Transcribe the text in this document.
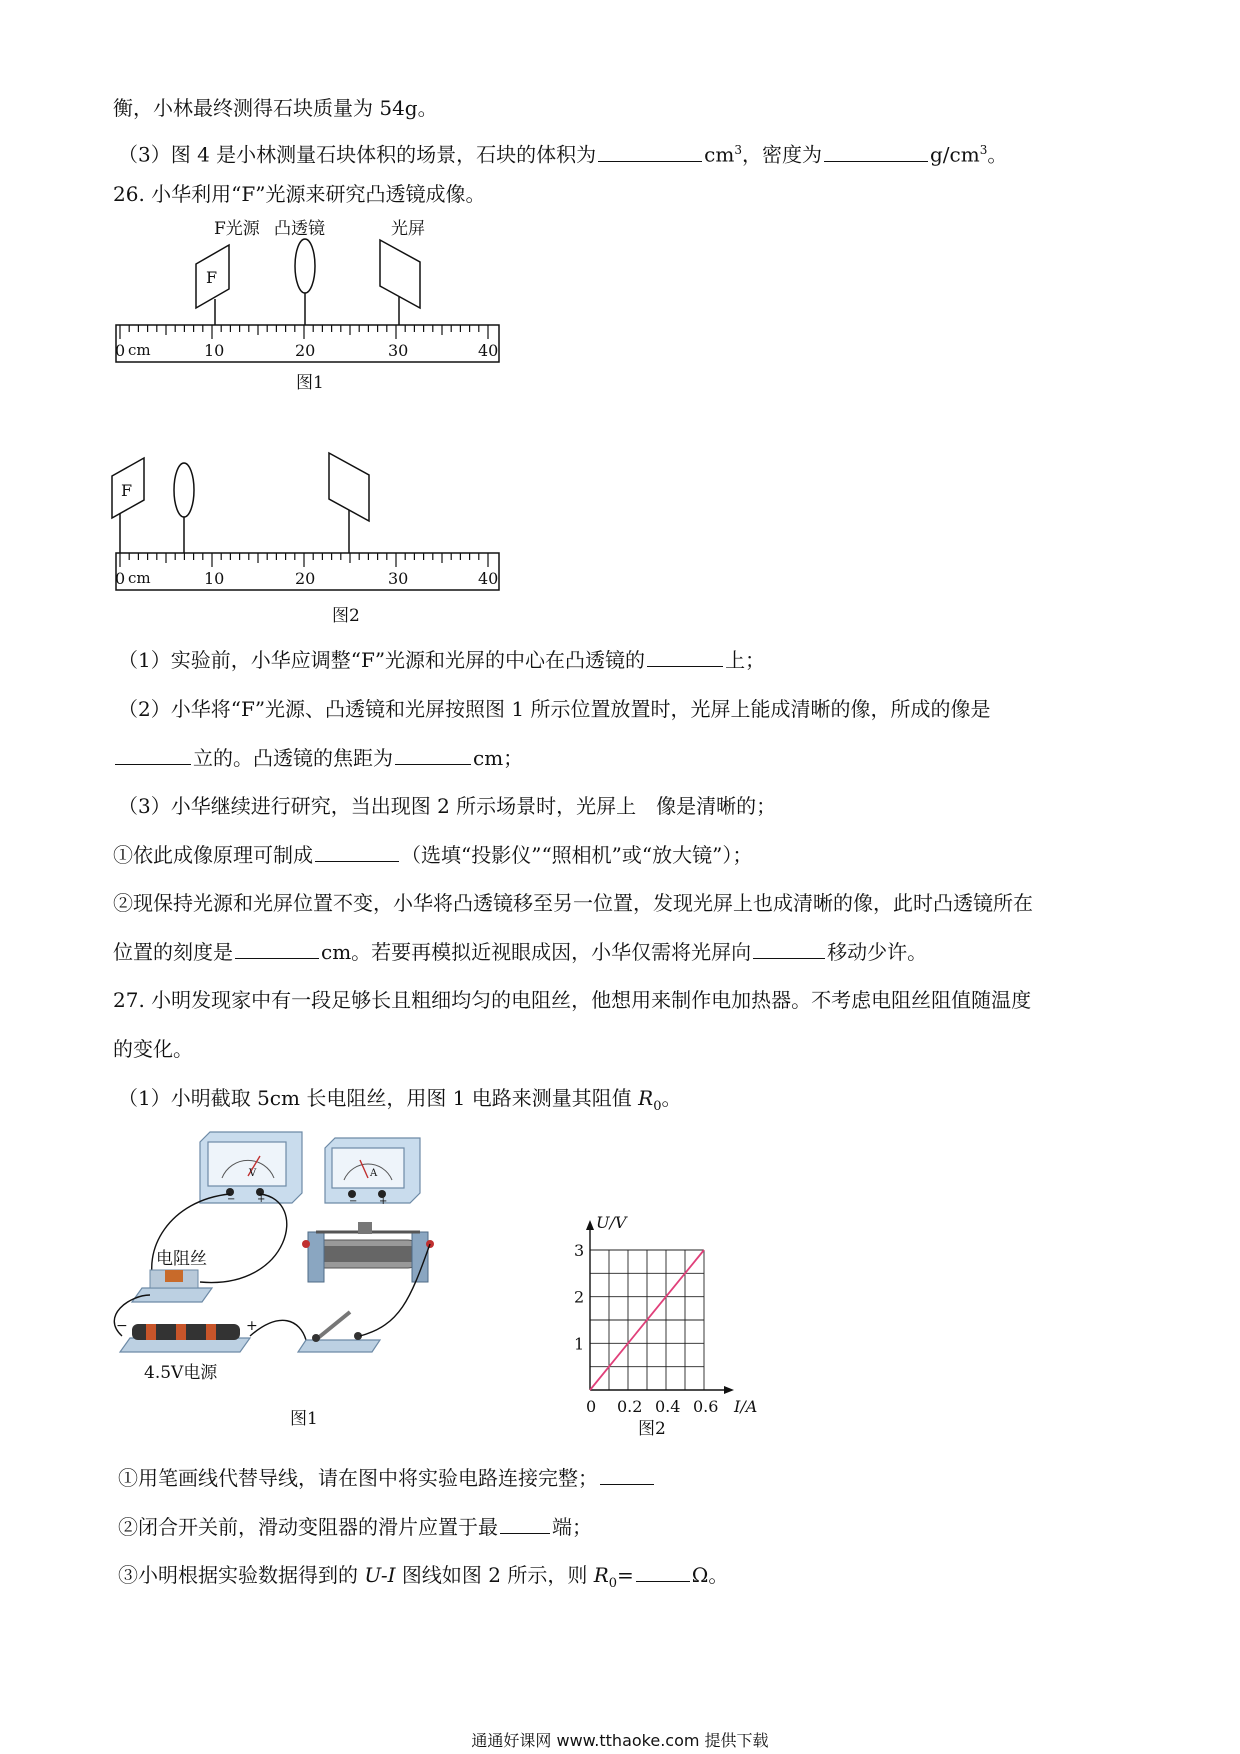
衡，小林最终测得石块质量为 54g。
（3）图 4 是小林测量石块体积的场景，石块的体积为	$cm^3$，密度为	$g/cm^3$。
26. 小华利用“F”光源来研究凸透镜成像。
F光源 凸透镜	光屏
F
0 cm	10	20	30	40
图1
F
0 cm	10	20	30	40
图2
（1）实验前，小华应调整“F”光源和光屏的中心在凸透镜的	上；
（2）小华将“F”光源、凸透镜和光屏按照图 1 所示位置放置时，光屏上能成清晰的像，所成的像是
立的。凸透镜的焦距为	cm；
（3）小华继续进行研究，当出现图 2 所示场景时，光屏上　像是清晰的；
①依此成像原理可制成	（选填“投影仪”“照相机”或“放大镜”）；
②现保持光源和光屏位置不变，小华将凸透镜移至另一位置，发现光屏上也成清晰的像，此时凸透镜所在
位置的刻度是	cm。若要再模拟近视眼成因，小华仅需将光屏向	移动少许。
27. 小明发现家中有一段足够长且粗细均匀的电阻丝，他想用来制作电加热器。不考虑电阻丝阻值随温度
的变化。
（1）小明截取 5cm 长电阻丝，用图 1 电路来测量其阻值 $R_0$。
V
− +
A
− +
电阻丝
−	+
4.5V电源
图1
0 0.2 0.4 0.6
1
2
3
I/A
U/V
图2
①用笔画线代替导线，请在图中将实验电路连接完整；
②闭合开关前，滑动变阻器的滑片应置于最	端；
③小明根据实验数据得到的 U-I 图线如图 2 所示，则 $R_0=$	Ω。
通通好课网 www.tthaoke.com 提供下载
